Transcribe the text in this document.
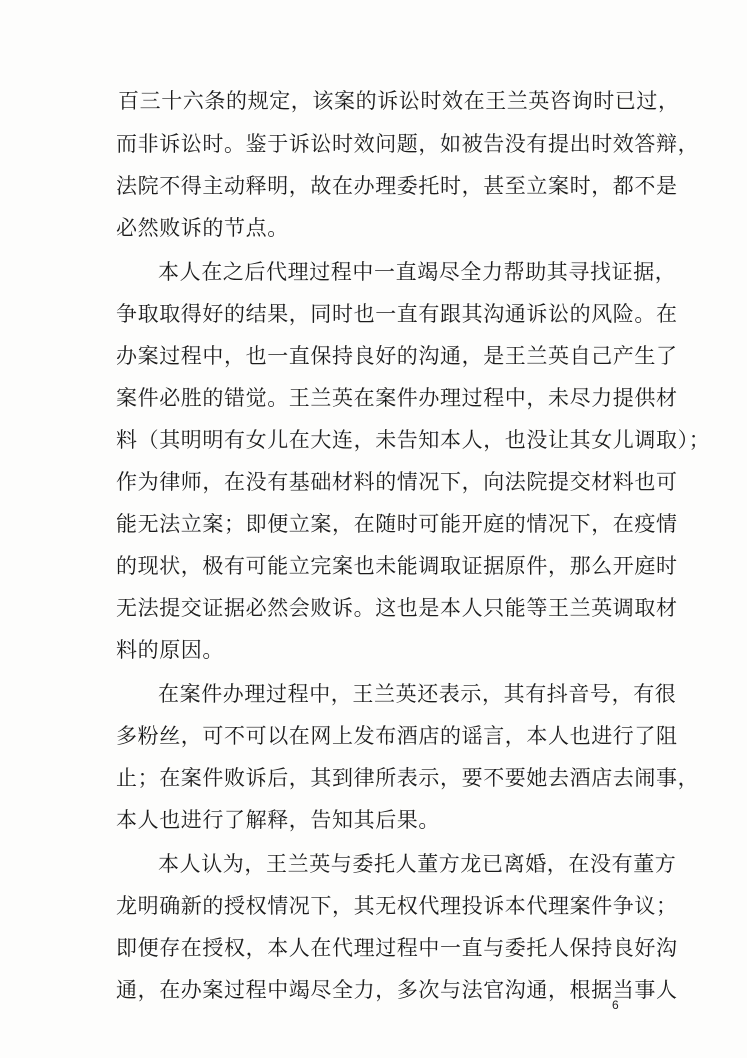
百三十六条的规定，该案的诉讼时效在王兰英咨询时已过，
而非诉讼时。鉴于诉讼时效问题，如被告没有提出时效答辩，
法院不得主动释明，故在办理委托时，甚至立案时，都不是
必然败诉的节点。
本人在之后代理过程中一直竭尽全力帮助其寻找证据，
争取取得好的结果，同时也一直有跟其沟通诉讼的风险。在
办案过程中，也一直保持良好的沟通，是王兰英自己产生了
案件必胜的错觉。王兰英在案件办理过程中，未尽力提供材
料（其明明有女儿在大连，未告知本人，也没让其女儿调取）；
作为律师，在没有基础材料的情况下，向法院提交材料也可
能无法立案；即便立案，在随时可能开庭的情况下，在疫情
的现状，极有可能立完案也未能调取证据原件，那么开庭时
无法提交证据必然会败诉。这也是本人只能等王兰英调取材
料的原因。
在案件办理过程中，王兰英还表示，其有抖音号，有很
多粉丝，可不可以在网上发布酒店的谣言，本人也进行了阻
止；在案件败诉后，其到律所表示，要不要她去酒店去闹事，
本人也进行了解释，告知其后果。
本人认为，王兰英与委托人董方龙已离婚，在没有董方
龙明确新的授权情况下，其无权代理投诉本代理案件争议；
即便存在授权，本人在代理过程中一直与委托人保持良好沟
通，在办案过程中竭尽全力，多次与法官沟通，根据当事人
6
